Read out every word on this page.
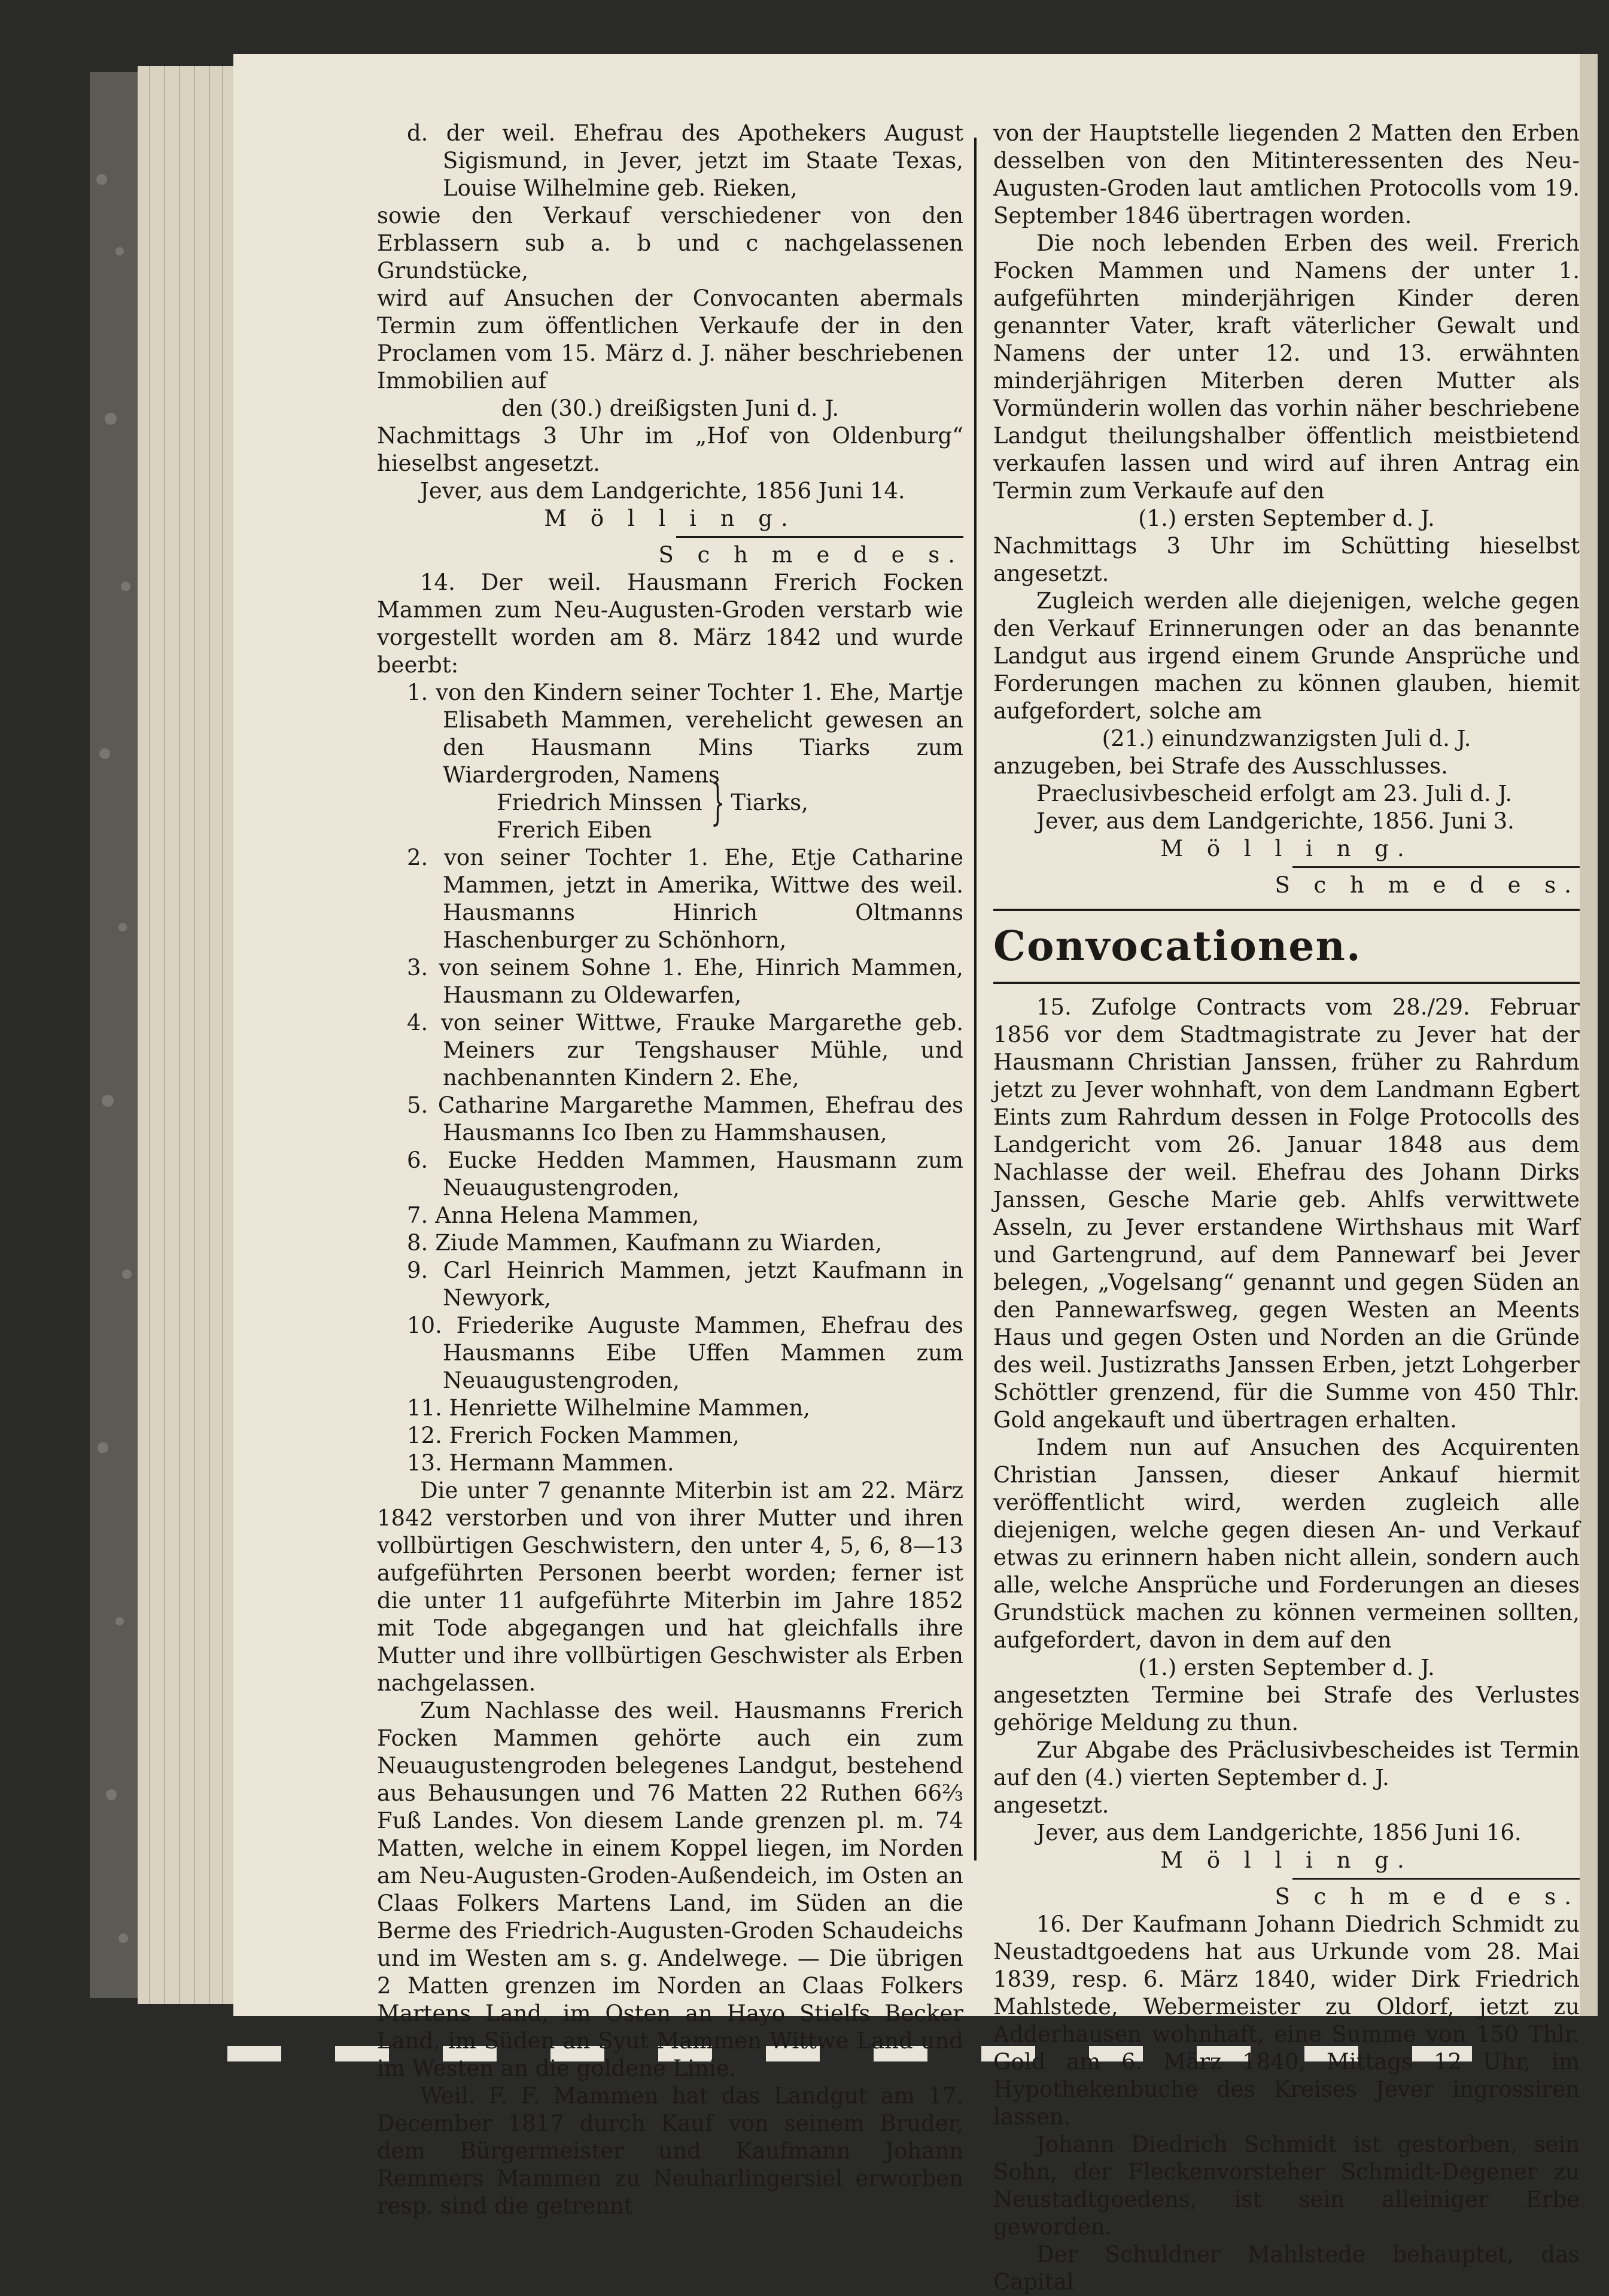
d. der weil. Ehefrau des Apothekers August Sigismund, in Jever, jetzt im Staate Texas, Louise Wilhelmine geb. Rieken,

sowie den Verkauf verschiedener von den Erblassern sub a. b und c nachgelassenen Grundstücke,

wird auf Ansuchen der Convocanten abermals Termin zum öffentlichen Verkaufe der in den Proclamen vom 15. März d. J. näher beschriebenen Immobilien auf

den (30.) dreißigsten Juni d. J.

Nachmittags 3 Uhr im „Hof von Oldenburg“ hieselbst angesetzt.

Jever, aus dem Landgerichte, 1856 Juni 14.

M ö l l i n g.

S c h m e d e s.

14. Der weil. Hausmann Frerich Focken Mammen zum Neu-Augusten-Groden verstarb wie vorgestellt worden am 8. März 1842 und wurde beerbt:

1. von den Kindern seiner Tochter 1. Ehe, Martje Elisabeth Mammen, verehelicht gewesen an den Hausmann Mins Tiarks zum Wiardergroden, Namens

Friedrich Minssen } Tiarks,
Frerich Eiben

2. von seiner Tochter 1. Ehe, Etje Catharine Mammen, jetzt in Amerika, Wittwe des weil. Hausmanns Hinrich Oltmanns Haschenburger zu Schönhorn,

3. von seinem Sohne 1. Ehe, Hinrich Mammen, Hausmann zu Oldewarfen,

4. von seiner Wittwe, Frauke Margarethe geb. Meiners zur Tengshauser Mühle, und nachbenannten Kindern 2. Ehe,

5. Catharine Margarethe Mammen, Ehefrau des Hausmanns Ico Iben zu Hammshausen,

6. Eucke Hedden Mammen, Hausmann zum Neuaugustengroden,

7. Anna Helena Mammen,

8. Ziude Mammen, Kaufmann zu Wiarden,

9. Carl Heinrich Mammen, jetzt Kaufmann in Newyork,

10. Friederike Auguste Mammen, Ehefrau des Hausmanns Eibe Uffen Mammen zum Neuaugustengroden,

11. Henriette Wilhelmine Mammen,

12. Frerich Focken Mammen,

13. Hermann Mammen.

Die unter 7 genannte Miterbin ist am 22. März 1842 verstorben und von ihrer Mutter und ihren vollbürtigen Geschwistern, den unter 4, 5, 6, 8—13 aufgeführten Personen beerbt worden; ferner ist die unter 11 aufgeführte Miterbin im Jahre 1852 mit Tode abgegangen und hat gleichfalls ihre Mutter und ihre vollbürtigen Geschwister als Erben nachgelassen.

Zum Nachlasse des weil. Hausmanns Frerich Focken Mammen gehörte auch ein zum Neuaugustengroden belegenes Landgut, bestehend aus Behausungen und 76 Matten 22 Ruthen 66⅔ Fuß Landes. Von diesem Lande grenzen pl. m. 74 Matten, welche in einem Koppel liegen, im Norden am Neu-Augusten-Groden-Außendeich, im Osten an Claas Folkers Martens Land, im Süden an die Berme des Friedrich-Augusten-Groden Schaudeichs und im Westen am s. g. Andelwege. — Die übrigen 2 Matten grenzen im Norden an Claas Folkers Martens Land, im Osten an Hayo Stielfs Becker Land, im Süden an Syut Mammen Wittwe Land und im Westen an die goldene Linie.

Weil. F. F. Mammen hat das Landgut am 17. December 1817 durch Kauf von seinem Bruder, dem Bürgermeister und Kaufmann Johann Remmers Mammen zu Neuharlingersiel erworben resp. sind die getrennt

von der Hauptstelle liegenden 2 Matten den Erben desselben von den Mitinteressenten des Neu-Augusten-Groden laut amtlichen Protocolls vom 19. September 1846 übertragen worden.

Die noch lebenden Erben des weil. Frerich Focken Mammen und Namens der unter 1. aufgeführten minderjährigen Kinder deren genannter Vater, kraft väterlicher Gewalt und Namens der unter 12. und 13. erwähnten minderjährigen Miterben deren Mutter als Vormünderin wollen das vorhin näher beschriebene Landgut theilungshalber öffentlich meistbietend verkaufen lassen und wird auf ihren Antrag ein Termin zum Verkaufe auf den

(1.) ersten September d. J.

Nachmittags 3 Uhr im Schütting hieselbst angesetzt.

Zugleich werden alle diejenigen, welche gegen den Verkauf Erinnerungen oder an das benannte Landgut aus irgend einem Grunde Ansprüche und Forderungen machen zu können glauben, hiemit aufgefordert, solche am

(21.) einundzwanzigsten Juli d. J.

anzugeben, bei Strafe des Ausschlusses.

Praeclusivbescheid erfolgt am 23. Juli d. J.

Jever, aus dem Landgerichte, 1856. Juni 3.

M ö l l i n g.

S c h m e d e s.

Convocationen.

15. Zufolge Contracts vom 28./29. Februar 1856 vor dem Stadtmagistrate zu Jever hat der Hausmann Christian Janssen, früher zu Rahrdum jetzt zu Jever wohnhaft, von dem Landmann Egbert Eints zum Rahrdum dessen in Folge Protocolls des Landgericht vom 26. Januar 1848 aus dem Nachlasse der weil. Ehefrau des Johann Dirks Janssen, Gesche Marie geb. Ahlfs verwittwete Asseln, zu Jever erstandene Wirthshaus mit Warf und Gartengrund, auf dem Pannewarf bei Jever belegen, „Vogelsang“ genannt und gegen Süden an den Pannewarfsweg, gegen Westen an Meents Haus und gegen Osten und Norden an die Gründe des weil. Justizraths Janssen Erben, jetzt Lohgerber Schöttler grenzend, für die Summe von 450 Thlr. Gold angekauft und übertragen erhalten.

Indem nun auf Ansuchen des Acquirenten Christian Janssen, dieser Ankauf hiermit veröffentlicht wird, werden zugleich alle diejenigen, welche gegen diesen An- und Verkauf etwas zu erinnern haben nicht allein, sondern auch alle, welche Ansprüche und Forderungen an dieses Grundstück machen zu können vermeinen sollten, aufgefordert, davon in dem auf den

(1.) ersten September d. J.

angesetzten Termine bei Strafe des Verlustes gehörige Meldung zu thun.

Zur Abgabe des Präclusivbescheides ist Termin auf den (4.) vierten September d. J.

angesetzt.

Jever, aus dem Landgerichte, 1856 Juni 16.

M ö l l i n g.

S c h m e d e s.

16. Der Kaufmann Johann Diedrich Schmidt zu Neustadtgoedens hat aus Urkunde vom 28. Mai 1839, resp. 6. März 1840, wider Dirk Friedrich Mahlstede, Webermeister zu Oldorf, jetzt zu Adderhausen wohnhaft, eine Summe von 150 Thlr. Gold am 6. März 1840, Mittags 12 Uhr, im Hypothekenbuche des Kreises Jever ingrossiren lassen.

Johann Diedrich Schmidt ist gestorben, sein Sohn, der Fleckenvorsteher Schmidt-Degener zu Neustadtgoedens, ist sein alleiniger Erbe geworden.

Der Schuldner Mahlstede behauptet, das Capital
